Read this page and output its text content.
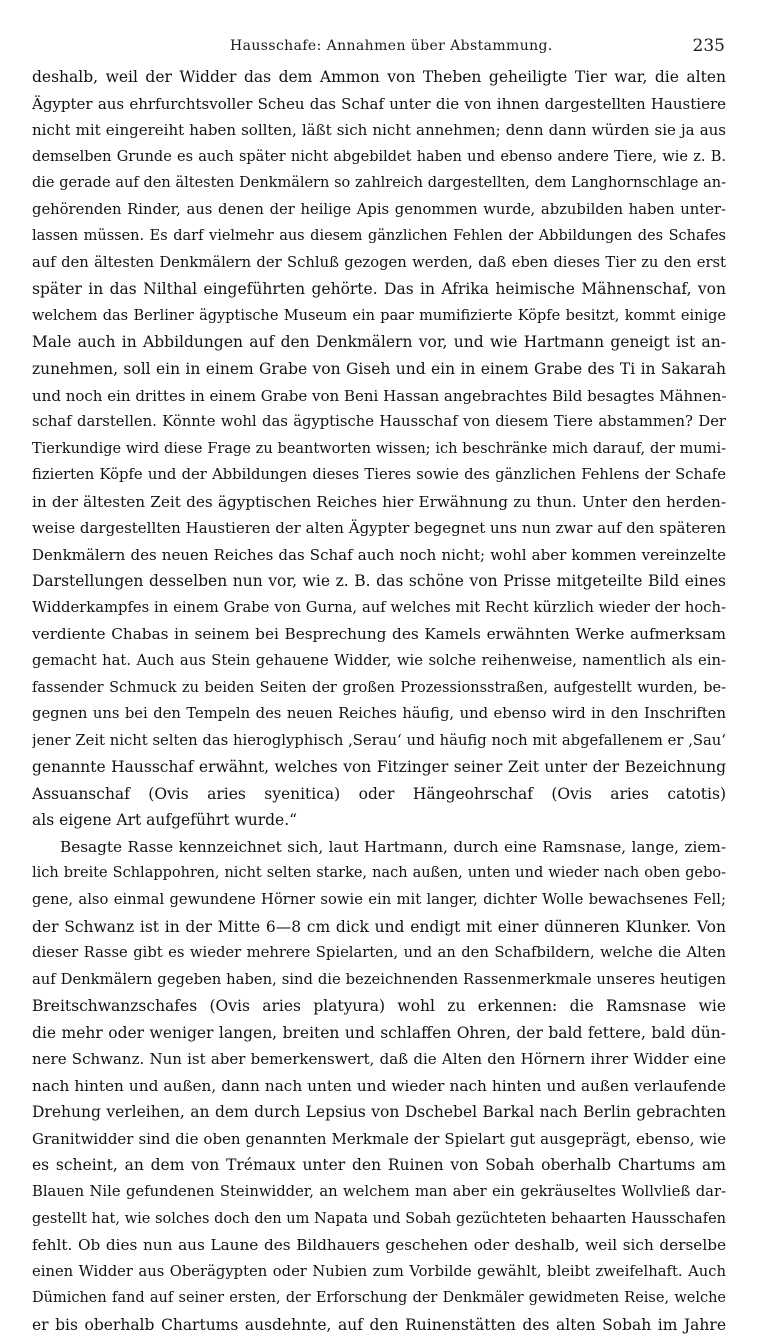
Hausschafe: Annahmen über Abstammung.	235
deshalb, weil der Widder das dem Ammon von Theben geheiligte Tier war, die alten
Ägypter aus ehrfurchtsvoller Scheu das Schaf unter die von ihnen dargestellten Haustiere
nicht mit eingereiht haben sollten, läßt sich nicht annehmen; denn dann würden sie ja aus
demselben Grunde es auch später nicht abgebildet haben und ebenso andere Tiere, wie z. B.
die gerade auf den ältesten Denkmälern so zahlreich dargestellten, dem Langhornschlage an-
gehörenden Rinder, aus denen der heilige Apis genommen wurde, abzubilden haben unter-
lassen müssen. Es darf vielmehr aus diesem gänzlichen Fehlen der Abbildungen des Schafes
auf den ältesten Denkmälern der Schluß gezogen werden, daß eben dieses Tier zu den erst
später in das Nilthal eingeführten gehörte. Das in Afrika heimische Mähnenschaf, von
welchem das Berliner ägyptische Museum ein paar mumifizierte Köpfe besitzt, kommt einige
Male auch in Abbildungen auf den Denkmälern vor, und wie Hartmann geneigt ist an-
zunehmen, soll ein in einem Grabe von Giseh und ein in einem Grabe des Ti in Sakarah
und noch ein drittes in einem Grabe von Beni Hassan angebrachtes Bild besagtes Mähnen-
schaf darstellen. Könnte wohl das ägyptische Hausschaf von diesem Tiere abstammen? Der
Tierkundige wird diese Frage zu beantworten wissen; ich beschränke mich darauf, der mumi-
fizierten Köpfe und der Abbildungen dieses Tieres sowie des gänzlichen Fehlens der Schafe
in der ältesten Zeit des ägyptischen Reiches hier Erwähnung zu thun. Unter den herden-
weise dargestellten Haustieren der alten Ägypter begegnet uns nun zwar auf den späteren
Denkmälern des neuen Reiches das Schaf auch noch nicht; wohl aber kommen vereinzelte
Darstellungen desselben nun vor, wie z. B. das schöne von Prisse mitgeteilte Bild eines
Widderkampfes in einem Grabe von Gurna, auf welches mit Recht kürzlich wieder der hoch-
verdiente Chabas in seinem bei Besprechung des Kamels erwähnten Werke aufmerksam
gemacht hat. Auch aus Stein gehauene Widder, wie solche reihenweise, namentlich als ein-
fassender Schmuck zu beiden Seiten der großen Prozessionsstraßen, aufgestellt wurden, be-
gegnen uns bei den Tempeln des neuen Reiches häufig, und ebenso wird in den Inschriften
jener Zeit nicht selten das hieroglyphisch ,Serau‘ und häufig noch mit abgefallenem er ,Sau‘
genannte Hausschaf erwähnt, welches von Fitzinger seiner Zeit unter der Bezeichnung
Assuanschaf (Ovis aries syenitica) oder Hängeohrschaf (Ovis aries catotis)
als eigene Art aufgeführt wurde.“
Besagte Rasse kennzeichnet sich, laut Hartmann, durch eine Ramsnase, lange, ziem-
lich breite Schlappohren, nicht selten starke, nach außen, unten und wieder nach oben gebo-
gene, also einmal gewundene Hörner sowie ein mit langer, dichter Wolle bewachsenes Fell;
der Schwanz ist in der Mitte 6—8 cm dick und endigt mit einer dünneren Klunker. Von
dieser Rasse gibt es wieder mehrere Spielarten, und an den Schafbildern, welche die Alten
auf Denkmälern gegeben haben, sind die bezeichnenden Rassenmerkmale unseres heutigen
Breitschwanzschafes (Ovis aries platyura) wohl zu erkennen: die Ramsnase wie
die mehr oder weniger langen, breiten und schlaffen Ohren, der bald fettere, bald dün-
nere Schwanz. Nun ist aber bemerkenswert, daß die Alten den Hörnern ihrer Widder eine
nach hinten und außen, dann nach unten und wieder nach hinten und außen verlaufende
Drehung verleihen, an dem durch Lepsius von Dschebel Barkal nach Berlin gebrachten
Granitwidder sind die oben genannten Merkmale der Spielart gut ausgeprägt, ebenso, wie
es scheint, an dem von Trémaux unter den Ruinen von Sobah oberhalb Chartums am
Blauen Nile gefundenen Steinwidder, an welchem man aber ein gekräuseltes Wollvließ dar-
gestellt hat, wie solches doch den um Napata und Sobah gezüchteten behaarten Hausschafen
fehlt. Ob dies nun aus Laune des Bildhauers geschehen oder deshalb, weil sich derselbe
einen Widder aus Oberägypten oder Nubien zum Vorbilde gewählt, bleibt zweifelhaft. Auch
Dümichen fand auf seiner ersten, der Erforschung der Denkmäler gewidmeten Reise, welche
er bis oberhalb Chartums ausdehnte, auf den Ruinenstätten des alten Sobah im Jahre
